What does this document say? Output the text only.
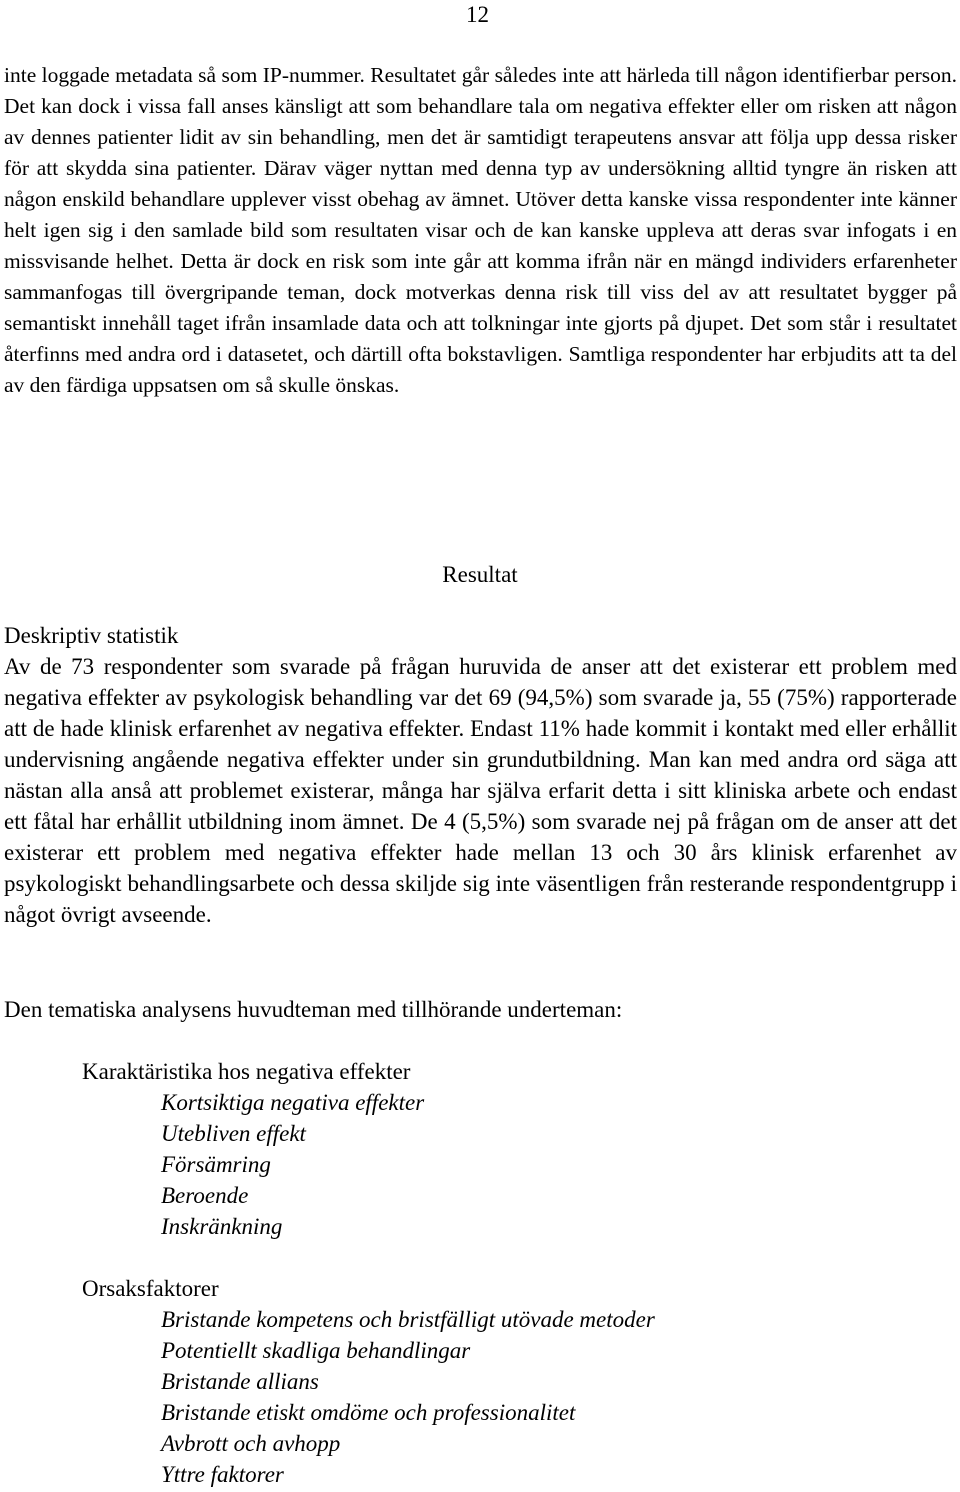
12

inte loggade metadata så som IP-nummer. Resultatet går således inte att härleda till någon identifierbar person. Det kan dock i vissa fall anses känsligt att som behandlare tala om negativa effekter eller om risken att någon av dennes patienter lidit av sin behandling, men det är samtidigt terapeutens ansvar att följa upp dessa risker för att skydda sina patienter. Därav väger nyttan med denna typ av undersökning alltid tyngre än risken att någon enskild behandlare upplever visst obehag av ämnet. Utöver detta kanske vissa respondenter inte känner helt igen sig i den samlade bild som resultaten visar och de kan kanske uppleva att deras svar infogats i en missvisande helhet. Detta är dock en risk som inte går att komma ifrån när en mängd individers erfarenheter sammanfogas till övergripande teman, dock motverkas denna risk till viss del av att resultatet bygger på semantiskt innehåll taget ifrån insamlade data och att tolkningar inte gjorts på djupet. Det som står i resultatet återfinns med andra ord i datasetet, och därtill ofta bokstavligen. Samtliga respondenter har erbjudits att ta del av den färdiga uppsatsen om så skulle önskas.

Resultat
Deskriptiv statistik

Av de 73 respondenter som svarade på frågan huruvida de anser att det existerar ett problem med negativa effekter av psykologisk behandling var det 69 (94,5%) som svarade ja, 55 (75%) rapporterade att de hade klinisk erfarenhet av negativa effekter. Endast 11% hade kommit i kontakt med eller erhållit undervisning angående negativa effekter under sin grundutbildning. Man kan med andra ord säga att nästan alla anså att problemet existerar, många har själva erfarit detta i sitt kliniska arbete och endast ett fåtal har erhållit utbildning inom ämnet. De 4 (5,5%) som svarade nej på frågan om de anser att det existerar ett problem med negativa effekter hade mellan 13 och 30 års klinisk erfarenhet av psykologiskt behandlingsarbete och dessa skiljde sig inte väsentligen från resterande respondentgrupp i något övrigt avseende.

Den tematiska analysens huvudteman med tillhörande underteman:

Karaktäristika hos negativa effekter

Kortsiktiga negativa effekter
Utebliven effekt
Försämring
Beroende
Inskränkning

Orsaksfaktorer

Bristande kompetens och bristfälligt utövade metoder
Potentiellt skadliga behandlingar
Bristande allians
Bristande etiskt omdöme och professionalitet
Avbrott och avhopp
Yttre faktorer
